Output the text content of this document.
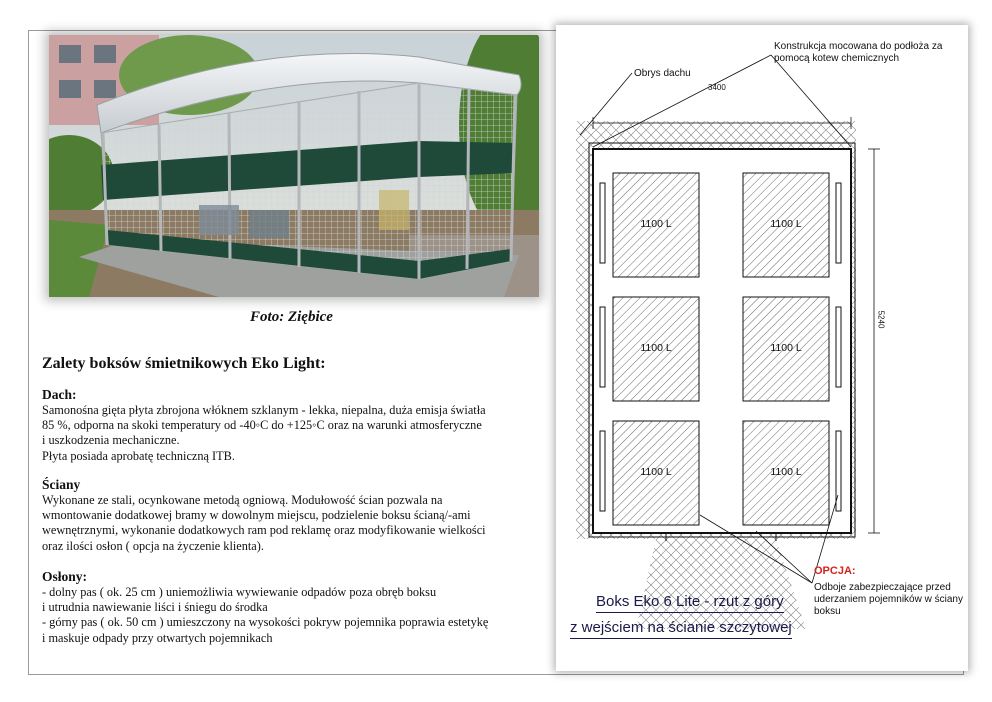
Foto: Ziębice
Zalety boksów śmietnikowych Eko Light:
Dach:

Samonośna gięta płyta zbrojona włóknem szklanym - lekka, niepalna, duża emisja światła

85 %, odporna na skoki temperatury od -40◦C do +125◦C oraz na warunki atmosferyczne

i uszkodzenia mechaniczne.

Płyta posiada aprobatę techniczną ITB.

Ściany

Wykonane ze stali, ocynkowane metodą ogniową. Modułowość ścian pozwala na

wmontowanie dodatkowej bramy w dowolnym miejscu, podzielenie boksu ścianą/-ami

wewnętrznymi, wykonanie dodatkowych ram pod reklamę oraz modyfikowanie wielkości

oraz ilości osłon ( opcja na życzenie klienta).

Osłony:

- dolny pas ( ok. 25 cm ) uniemożliwia wywiewanie odpadów poza obręb boksu

i utrudnia nawiewanie liści i śniegu do środka

- górny pas ( ok. 50 cm ) umieszczony na wysokości pokryw pojemnika poprawia estetykę

i maskuje odpady przy otwartych pojemnikach

Konstrukcja mocowana do podłoża za pomocą kotew chemicznych
Obrys dachu
3400
5240
1100 L	1100 L
1100 L	1100 L
1100 L	1100 L
OPCJA:
Odboje zabezpieczające przed uderzaniem pojemników w ściany boksu
Boks Eko 6 Lite - rzut z góry
z wejściem na ścianie szczytowej
